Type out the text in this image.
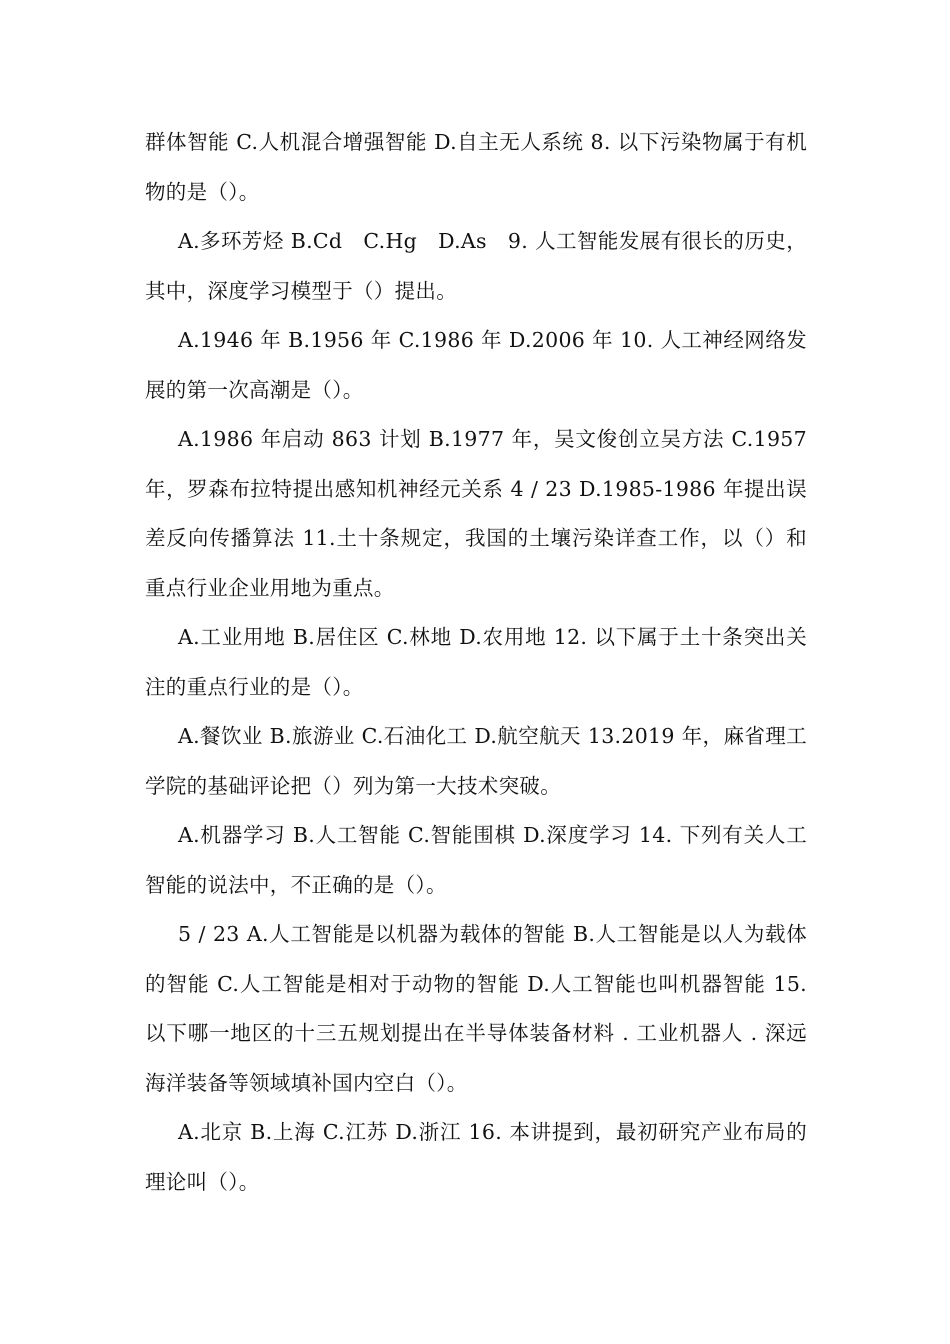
群体智能 C.人机混合增强智能 D.自主无人系统 8. 以下污染物属于有机物的是（）。

A.多环芳烃 B.Cd　C.Hg　D.As　9. 人工智能发展有很长的历史，其中，深度学习模型于（）提出。

A.1946 年 B.1956 年 C.1986 年 D.2006 年 10. 人工神经网络发展的第一次高潮是（）。

A.1986 年启动 863 计划 B.1977 年，吴文俊创立吴方法 C.1957 年，罗森布拉特提出感知机神经元关系 4 / 23 D.1985-1986 年提出误差反向传播算法 11.土十条规定，我国的土壤污染详查工作，以（）和重点行业企业用地为重点。

A.工业用地 B.居住区 C.林地 D.农用地 12. 以下属于土十条突出关注的重点行业的是（）。

A.餐饮业 B.旅游业 C.石油化工 D.航空航天 13.2019 年，麻省理工学院的基础评论把（）列为第一大技术突破。

A.机器学习 B.人工智能 C.智能围棋 D.深度学习 14. 下列有关人工智能的说法中，不正确的是（）。

5 / 23 A.人工智能是以机器为载体的智能 B.人工智能是以人为载体的智能 C.人工智能是相对于动物的智能 D.人工智能也叫机器智能 15. 以下哪一地区的十三五规划提出在半导体装备材料 . 工业机器人 . 深远海洋装备等领域填补国内空白（）。

A.北京 B.上海 C.江苏 D.浙江 16. 本讲提到，最初研究产业布局的理论叫（）。
